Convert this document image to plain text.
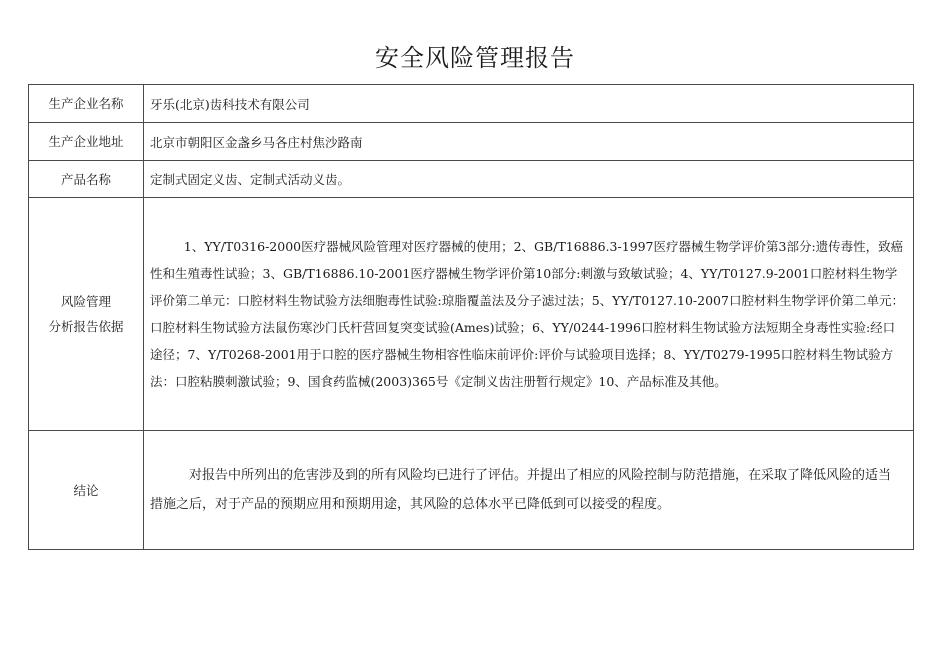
安全风险管理报告
生产企业名称	牙乐(北京)齿科技术有限公司
生产企业地址	北京市朝阳区金盏乡马各庄村焦沙路南
产品名称	定制式固定义齿、定制式活动义齿。

风险管理
分析报告依据	1、YY/T0316-2000医疗器械风险管理对医疗器械的使用；2、GB/T16886.3-1997医疗器械生物学评价第3部分:遗传毒性，致癌性和生殖毒性试验；3、GB/T16886.10-2001医疗器械生物学评价第10部分:刺激与致敏试验；4、YY/T0127.9-2001口腔材料生物学评价第二单元：口腔材料生物试验方法细胞毒性试验:琼脂覆盖法及分子滤过法；5、YY/T0127.10-2007口腔材料生物学评价第二单元：口腔材料生物试验方法鼠伤寒沙门氏杆营回复突变试验(Ames)试验；6、YY/0244-1996口腔材料生物试验方法短期全身毒性实验:经口途径；7、Y/T0268-2001用于口腔的医疗器械生物相容性临床前评价:评价与试验项目选择；8、YY/T0279-1995口腔材料生物试验方法：口腔粘膜刺激试验；9、国食药监械(2003)365号《定制义齿注册暂行规定》10、产品标准及其他。

结论	对报告中所列出的危害涉及到的所有风险均已进行了评估。并提出了相应的风险控制与防范措施，在采取了降低风险的适当措施之后，对于产品的预期应用和预期用途，其风险的总体水平已降低到可以接受的程度。
